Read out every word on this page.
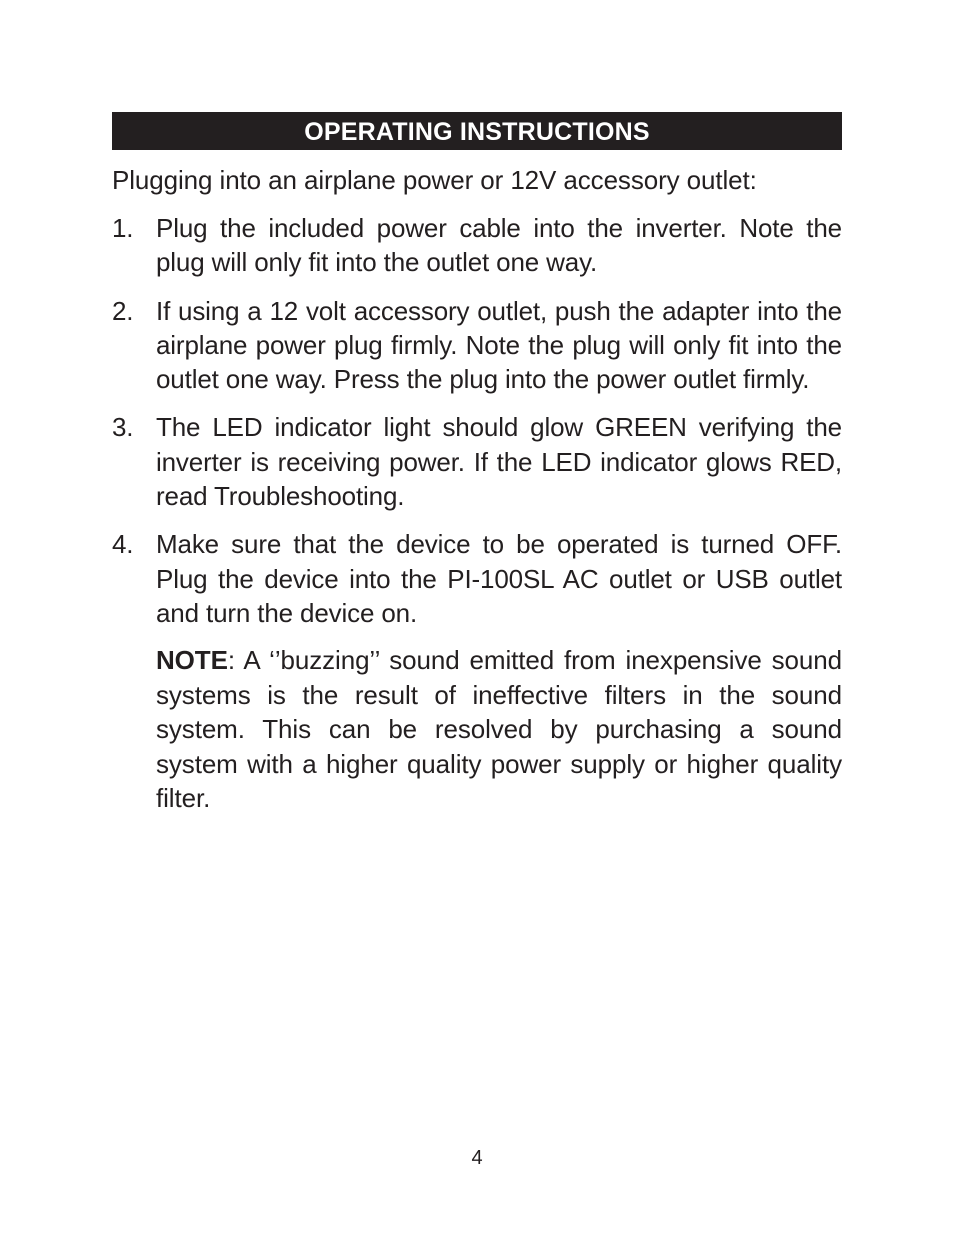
OPERATING INSTRUCTIONS
Plugging into an airplane power or 12V accessory outlet:
1. Plug the included power cable into the inverter. Note the plug will only fit into the outlet one way.
2. If using a 12 volt accessory outlet, push the adapter into the airplane power plug firmly. Note the plug will only fit into the outlet one way. Press the plug into the power outlet firmly.
3. The LED indicator light should glow GREEN verifying the inverter is receiving power. If the LED indicator glows RED, read Troubleshooting.
4. Make sure that the device to be operated is turned OFF. Plug the device into the PI-100SL AC outlet or USB outlet and turn the device on.
NOTE: A ‘’buzzing’’ sound emitted from inexpensive sound systems is the result of ineffective filters in the sound system. This can be resolved by purchasing a sound system with a higher quality power supply or higher quality filter.
4
